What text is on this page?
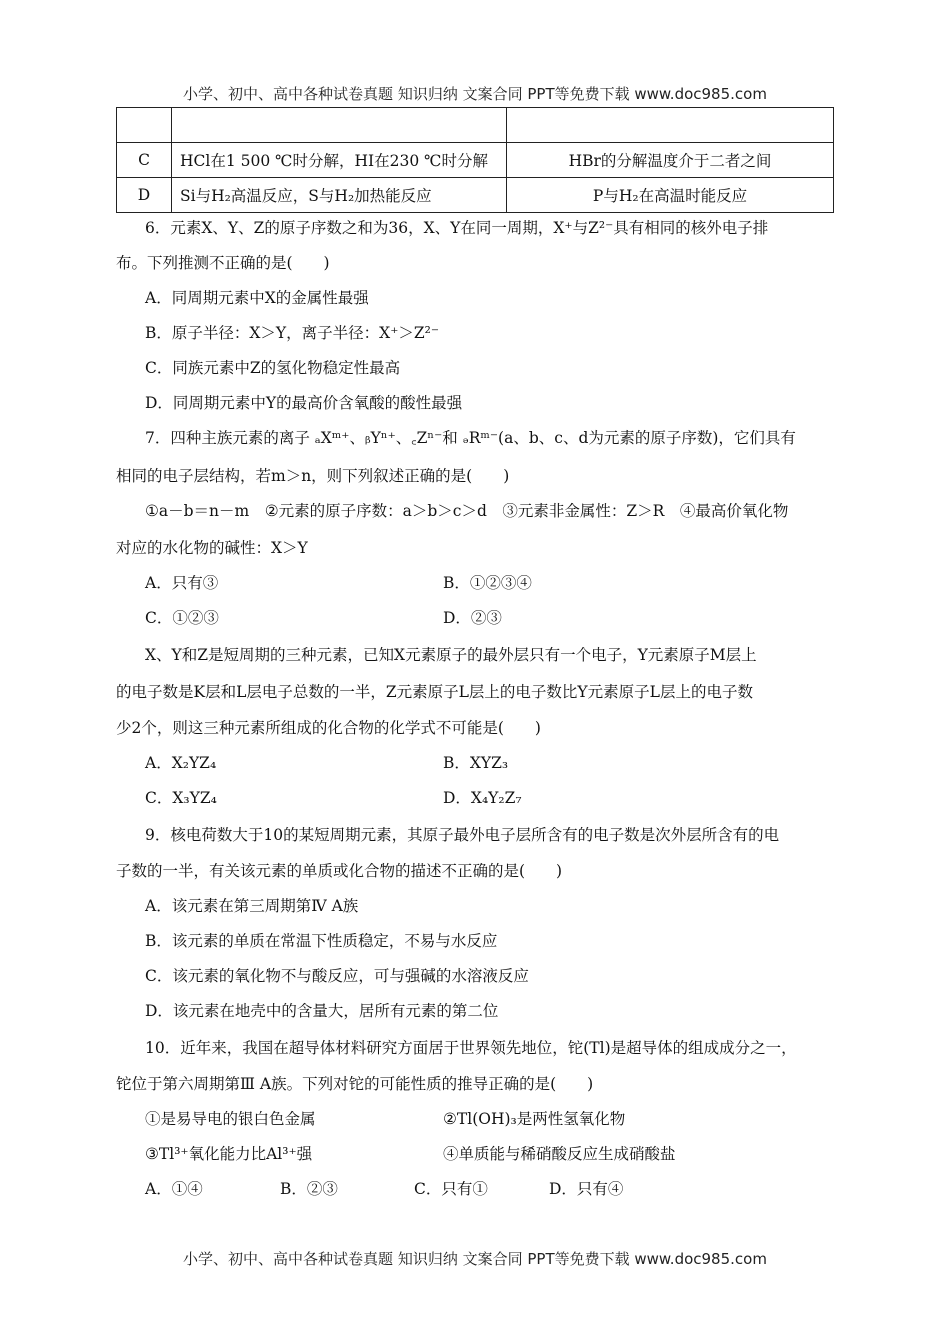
小学、初中、高中各种试卷真题 知识归纳 文案合同 PPT等免费下载 www.doc985.com

C	HCl在1 500 ℃时分解，HI在230 ℃时分解	HBr的分解温度介于二者之间
D	Si与H₂高温反应，S与H₂加热能反应	P与H₂在高温时能反应
6．元素X、Y、Z的原子序数之和为36，X、Y在同一周期，X⁺与Z²⁻具有相同的核外电子排
布。下列推测不正确的是(　　)
A．同周期元素中X的金属性最强
B．原子半径：X＞Y，离子半径：X⁺＞Z²⁻
C．同族元素中Z的氢化物稳定性最高
D．同周期元素中Y的最高价含氧酸的酸性最强
7．四种主族元素的离子 ₐXᵐ⁺、ᵦYⁿ⁺、꜀Zⁿ⁻和 ₔRᵐ⁻(a、b、c、d为元素的原子序数)，它们具有
相同的电子层结构，若m＞n，则下列叙述正确的是(　　)
①a－b＝n－m　②元素的原子序数：a＞b＞c＞d　③元素非金属性：Z＞R　④最高价氧化物
对应的水化物的碱性：X＞Y
A．只有③	B．①②③④
C．①②③	D．②③
X、Y和Z是短周期的三种元素，已知X元素原子的最外层只有一个电子，Y元素原子M层上
的电子数是K层和L层电子总数的一半，Z元素原子L层上的电子数比Y元素原子L层上的电子数
少2个，则这三种元素所组成的化合物的化学式不可能是(　　)
A．X₂YZ₄	B．XYZ₃
C．X₃YZ₄	D．X₄Y₂Z₇
9．核电荷数大于10的某短周期元素，其原子最外电子层所含有的电子数是次外层所含有的电
子数的一半，有关该元素的单质或化合物的描述不正确的是(　　)
A．该元素在第三周期第Ⅳ A族
B．该元素的单质在常温下性质稳定，不易与水反应
C．该元素的氧化物不与酸反应，可与强碱的水溶液反应
D．该元素在地壳中的含量大，居所有元素的第二位
10．近年来，我国在超导体材料研究方面居于世界领先地位，铊(Tl)是超导体的组成成分之一，
铊位于第六周期第Ⅲ A族。下列对铊的可能性质的推导正确的是(　　)
①是易导电的银白色金属	②Tl(OH)₃是两性氢氧化物
③Tl³⁺氧化能力比Al³⁺强	④单质能与稀硝酸反应生成硝酸盐
A．①④	B．②③	C．只有①	D．只有④
小学、初中、高中各种试卷真题 知识归纳 文案合同 PPT等免费下载 www.doc985.com
